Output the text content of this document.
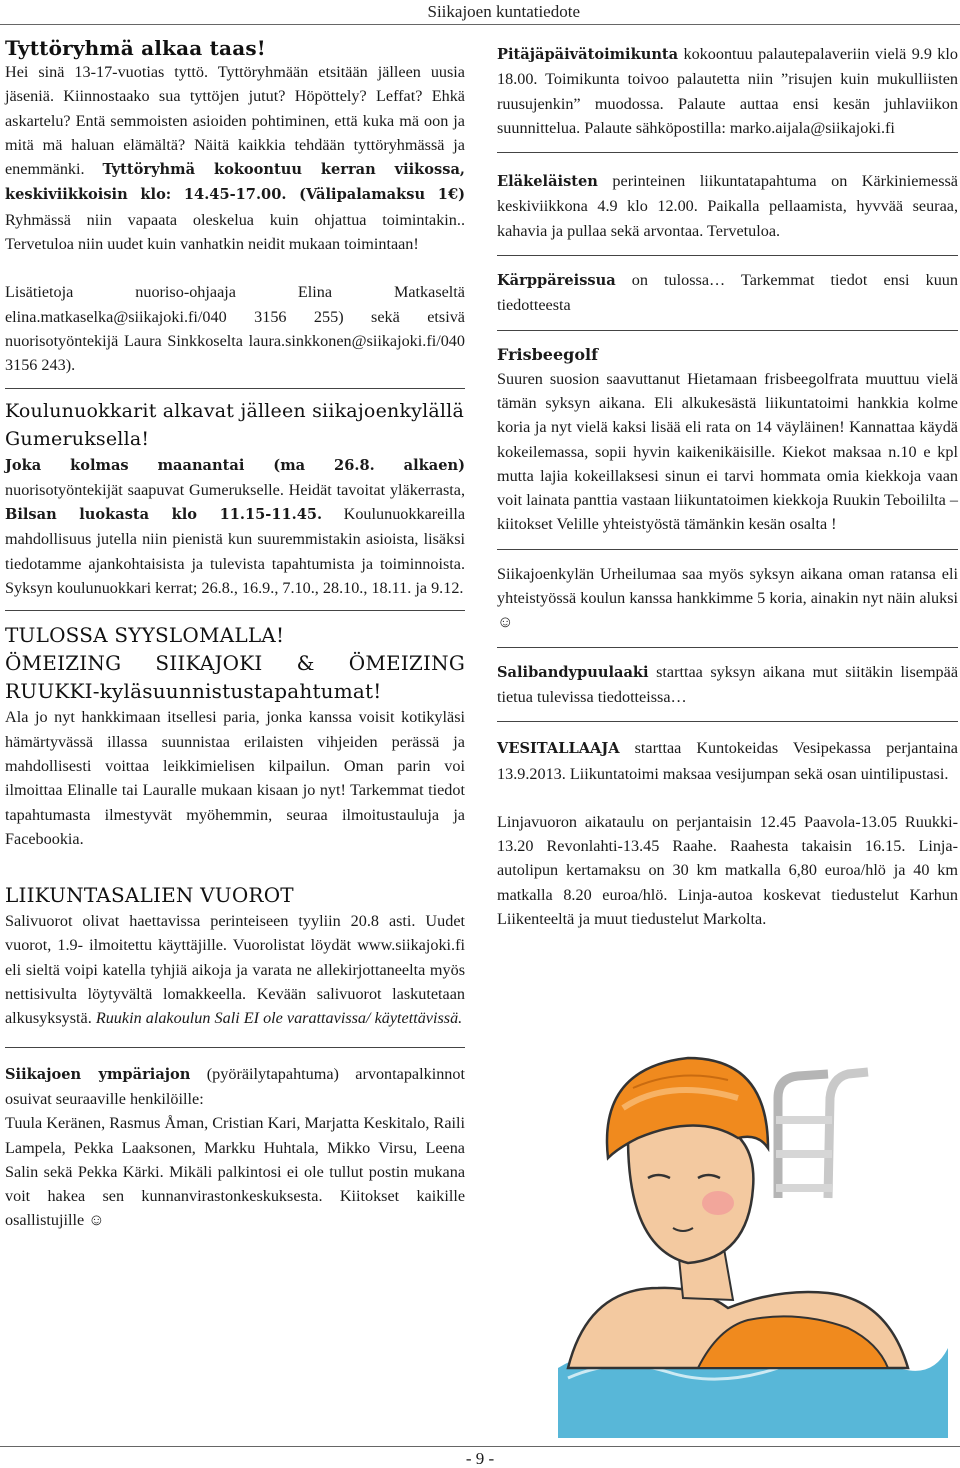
Siikajoen kuntatiedote
Tyttöryhmä alkaa taas!

Hei sinä 13-17-vuotias tyttö. Tyttöryhmään etsitään jälleen uusia jäseniä. Kiinnostaako sua tyttöjen jutut? Höpöttely? Leffat? Ehkä askartelu? Entä semmoisten asioiden pohtiminen, että kuka mä oon ja mitä mä haluan elämältä? Näitä kaikkia tehdään tyttöryhmässä ja enemmänki. Tyttöryhmä kokoontuu kerran viikossa, keskiviikkoisin klo: 14.45-17.00. (Välipalamaksu 1€) Ryhmässä niin vapaata oleskelua kuin ohjattua toimintakin.. Tervetuloa niin uudet kuin vanhatkin neidit mukaan toimintaan!

Lisätietoja nuoriso-ohjaaja Elina Matkaseltä elina.matkaselka@siikajoki.fi/040 3156 255) sekä etsivä nuorisotyöntekijä Laura Sinkkoselta laura.sinkkonen@siikajoki.fi/040 3156 243).

Koulunuokkarit alkavat jälleen siikajoenkylällä Gumeruksella!

Joka kolmas maanantai (ma 26.8. alkaen) nuorisotyöntekijät saapuvat Gumerukselle. Heidät tavoitat yläkerrasta, Bilsan luokasta klo 11.15-11.45. Koulunuokkareilla mahdollisuus jutella niin pienistä kun suuremmistakin asioista, lisäksi tiedotamme ajankohtaisista ja tulevista tapahtumista ja toiminnoista. Syksyn koulunuokkari kerrat; 26.8., 16.9., 7.10., 28.10., 18.11. ja 9.12.

TULOSSA SYYSLOMALLA!
ÖMEIZING SIIKAJOKI & ÖMEIZING RUUKKI-kyläsuunnistustapahtumat!

Ala jo nyt hankkimaan itsellesi paria, jonka kanssa voisit kotikyläsi hämärtyvässä illassa suunnistaa erilaisten vihjeiden perässä ja mahdollisesti voittaa leikkimielisen kilpailun. Oman parin voi ilmoittaa Elinalle tai Lauralle mukaan kisaan jo nyt! Tarkemmat tiedot tapahtumasta ilmestyvät myöhemmin, seuraa ilmoitustauluja ja Facebookia.

LIIKUNTASALIEN VUOROT

Salivuorot olivat haettavissa perinteiseen tyyliin 20.8 asti. Uudet vuorot, 1.9- ilmoitettu käyttäjille. Vuorolistat löydät www.siikajoki.fi eli sieltä voipi katella tyhjiä aikoja ja varata ne allekirjottaneelta myös nettisivulta löytyvältä lomakkeella. Kevään salivuorot laskutetaan alkusyksystä. Ruukin alakoulun Sali EI ole varattavissa/ käytettävissä.

Siikajoen ympäriajon (pyöräilytapahtuma) arvontapalkinnot osuivat seuraaville henkilöille:

Tuula Keränen, Rasmus Åman, Cristian Kari, Marjatta Keskitalo, Raili Lampela, Pekka Laaksonen, Markku Huhtala, Mikko Virsu, Leena Salin sekä Pekka Kärki. Mikäli palkintosi ei ole tullut postin mukana voit hakea sen kunnanvirastonkeskuksesta. Kiitokset kaikille osallistujille ☺

Pitäjäpäivätoimikunta kokoontuu palautepalaveriin vielä 9.9 klo 18.00. Toimikunta toivoo palautetta niin ”risujen kuin mukulliisten ruusujenkin” muodossa. Palaute auttaa ensi kesän juhlaviikon suunnittelua. Palaute sähköpostilla: marko.aijala@siikajoki.fi

Eläkeläisten perinteinen liikuntatapahtuma on Kärkiniemessä keskiviikkona 4.9 klo 12.00. Paikalla pellaamista, hyvvää seuraa, kahavia ja pullaa sekä arvontaa. Tervetuloa.

Kärppäreissua on tulossa… Tarkemmat tiedot ensi kuun tiedotteesta

Frisbeegolf

Suuren suosion saavuttanut Hietamaan frisbeegolfrata muuttuu vielä tämän syksyn aikana. Eli alkukesästä liikuntatoimi hankkia kolme koria ja nyt vielä kaksi lisää eli rata on 14 väyläinen! Kannattaa käydä kokeilemassa, sopii hyvin kaikenikäisille. Kiekot maksaa n.10 e kpl mutta lajia kokeillaksesi sinun ei tarvi hommata omia kiekkoja vaan voit lainata panttia vastaan liikuntatoimen kiekkoja Ruukin Teboililta – kiitokset Velille yhteistyöstä tämänkin kesän osalta !

Siikajoenkylän Urheilumaa saa myös syksyn aikana oman ratansa eli yhteistyössä koulun kanssa hankkimme 5 koria, ainakin nyt näin aluksi ☺

Salibandypuulaaki starttaa syksyn aikana mut siitäkin lisempää tietua tulevissa tiedotteissa…

VESITALLAAJA starttaa Kuntokeidas Vesipekassa perjantaina 13.9.2013. Liikuntatoimi maksaa vesijumpan sekä osan uintilipustasi.

Linjavuoron aikataulu on perjantaisin 12.45 Paavola-13.05 Ruukki-13.20 Revonlahti-13.45 Raahe. Raahesta takaisin 16.15. Linja-autolipun kertamaksu on 30 km matkalla 6,80 euroa/hlö ja 40 km matkalla 8.20 euroa/hlö. Linja-autoa koskevat tiedustelut Karhun Liikenteeltä ja muut tiedustelut Markolta.

- 9 -
